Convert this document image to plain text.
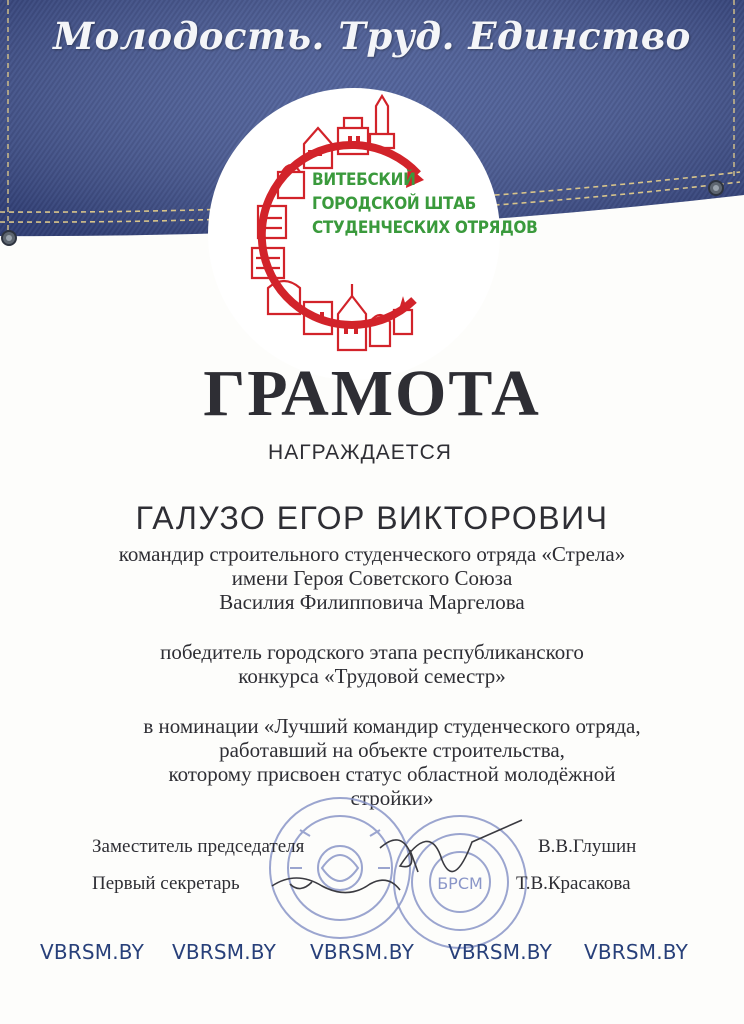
Молодость. Труд. Единство
ВИТЕБСКИЙ
ГОРОДСКОЙ ШТАБ
СТУДЕНЧЕСКИХ ОТРЯДОВ
ГРАМОТА
НАГРАЖДАЕТСЯ
ГАЛУЗО ЕГОР ВИКТОРОВИЧ
командир строительного студенческого отряда «Стрела»
имени Героя Советского Союза
Василия Филипповича Маргелова
победитель городского этапа республиканского
конкурса «Трудовой семестр»
в номинации «Лучший командир студенческого отряда,
работавший на объекте строительства,
которому присвоен статус областной молодёжной
стройки»
БРСМ
Заместитель председателя	В.В.Глушин
Первый секретарь	Т.В.Красакова
VBRSM.BY VBRSM.BY VBRSM.BY VBRSM.BY VBRSM.BY
